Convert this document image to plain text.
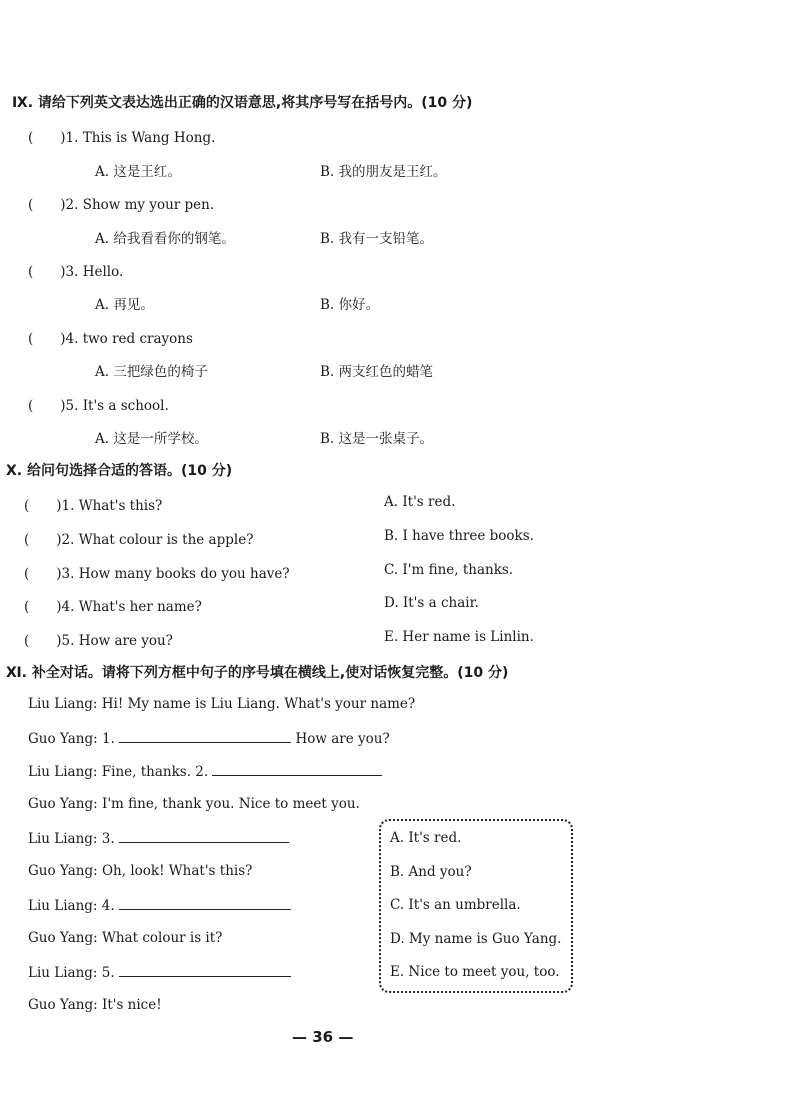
Ⅸ. 请给下列英文表达选出正确的汉语意思,将其序号写在括号内。(10 分)
(　　)1. This is Wang Hong.
A. 这是王红。	B. 我的朋友是王红。
(　　)2. Show my your pen.
A. 给我看看你的钢笔。	B. 我有一支铅笔。
(　　)3. Hello.
A. 再见。	B. 你好。
(　　)4. two red crayons
A. 三把绿色的椅子	B. 两支红色的蜡笔
(　　)5. It's a school.
A. 这是一所学校。	B. 这是一张桌子。
Ⅹ. 给问句选择合适的答语。(10 分)
(　　)1. What's this?	A. It's red.
(　　)2. What colour is the apple?	B. I have three books.
(　　)3. How many books do you have?	C. I'm fine, thanks.
(　　)4. What's her name?	D. It's a chair.
(　　)5. How are you?	E. Her name is Linlin.
Ⅺ. 补全对话。请将下列方框中句子的序号填在横线上,使对话恢复完整。(10 分)
Liu Liang: Hi! My name is Liu Liang. What's your name?
Guo Yang: 1.	How are you?
Liu Liang: Fine, thanks. 2.
Guo Yang: I'm fine, thank you. Nice to meet you.
Liu Liang: 3.
Guo Yang: Oh, look! What's this?
Liu Liang: 4.
Guo Yang: What colour is it?
Liu Liang: 5.
Guo Yang: It's nice!
A. It's red.
B. And you?
C. It's an umbrella.
D. My name is Guo Yang.
E. Nice to meet you, too.
— 36 —
